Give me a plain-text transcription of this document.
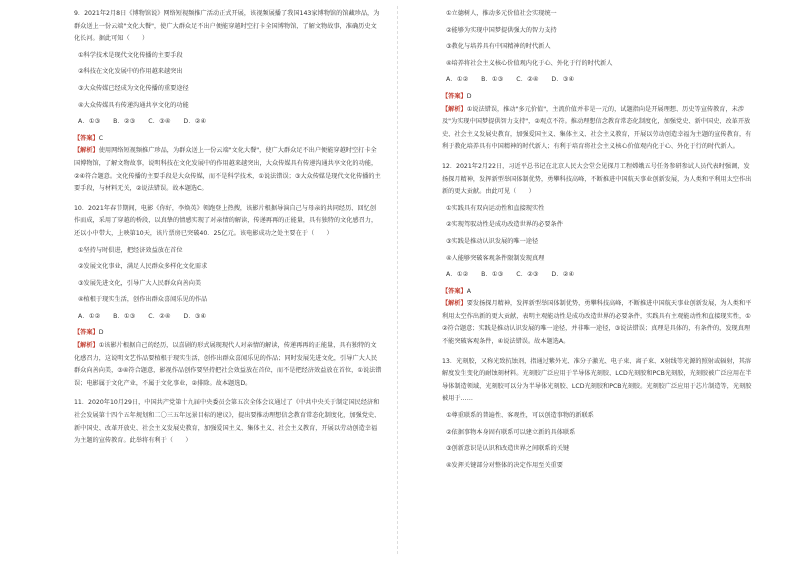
9．2021年2月8日《博物馆说》网络短视频推广活动正式开展，该视频展播了我国143家博物馆的馆藏珍品，为群众送上一份云端"文化大餐"，使广大群众足不出户便能穿越时空打卡全国博物馆，了解文物故事，准确历史文化长河。据此可知（　　）

①科学技术是现代文化传播的主要手段

②科技在文化发展中的作用越来越突出

③大众传媒已经成为文化传播的重要途径

④大众传媒具有传递沟通共享文化的功能

A．①③　　B．②③　　C．③④　　D．②④

【答案】C

【解析】使用网络短视频推广珍品，为群众送上一份云端"文化大餐"，使广大群众足不出户便能穿越时空打卡全国博物馆，了解文物故事，说明科技在文化发展中的作用越来越突出，大众传媒具有传递沟通共享文化的功能，②④符合题意。文化传播的主要手段是大众传媒，而不是科学技术，①说法错误；③大众传媒是现代文化传播的主要手段，与材料无关，②说法错误。故本题选C。

10．2021年春节期间，电影《你好，李焕英》领跑登上热搜，该影片根据导演自己与母亲的共同经历、回忆创作而成，采用了穿越的桥段，以真挚的情感实现了对亲情的解读，传递再再的正能量，具有独特的文化感召力，还以小中带大，上映第10天，该片票房已突破40．25亿元。该电影成功之处主要在于（　　）

①坚持与时俱进，把经济效益放在首位

②发展文化事业，满足人民群众多样化文化需求

③发展先进文化，引导广大人民群众向善向美

④植根于现实生活，创作出群众喜闻乐见的作品

A．①②　　B．①③　　C．②④　　D．③④

【答案】D

【解析】①该影片根据自己的经历，以喜剧的形式展现现代人对亲情的解读，传递再再的正能量，具有独特的文化感召力，这说明文艺作品要植根于现实生活，创作出群众喜闻乐见的作品；同时发展先进文化，引导广大人民群众向善向美，③④符合题意，影视作品创作要坚持把社会效益放在首位，而不是把经济效益放在首位，①说法错误；电影属于文化产业，不属于文化事业，②排除。故本题选D。

11．2020年10月29日，中国共产党第十九届中央委员会第五次全体会议通过了《中共中央关于制定国民经济和社会发展第十四个五年规划和二〇三五年远景目标的建议》，提出要推动理想信念教育常态化制度化，加强党史、新中国史、改革开放史、社会主义发展史教育，加强爱国主义、集体主义、社会主义教育，开展以劳动创造幸福为主题的宣传教育。此举将有利于（　　）

①立德树人，推动多元价值社会实现统一

②能够为实现中国梦提供强大的智力支持

③教化与培养具有中国精神的时代新人

④培养将社会主义核心价值观内化于心、外化于行的时代新人

A．①②　　B．①③　　C．②④　　D．③④

【答案】D

【解析】①说法错误，推动"多元价值"，主流价值并非是一元的，试题指向是开展理想、历史等宣传教育，未涉及"为实现中国梦提供智力支持"，②观点不符。推动理想信念教育常态化制度化，加强党史、新中国史、改革开放史、社会主义发展史教育，加强爱国主义、集体主义、社会主义教育，开展以劳动创造幸福为主题的宣传教育，有利于教化培养具有中国精神的时代新人；有利于培育将社会主义核心价值观内化于心、外化于行的时代新人。

12．2021年2月22日，习近平总书记在北京人民大会堂会见探月工程嫦娥五号任务参研参试人员代表时强调，发扬探月精神，发挥新型举国体制优势，勇攀科技高峰，不断推进中国航天事业创新发展，为人类和平利用太空作出新的更大贡献。由此可见（　　）

①实践具有双向运动性和直接现实性

②实现驾驭动性是成功改造世界的必要条件

③实践是推动认识发展的唯一途径

④人能够突破客观条件限制发现真理

A．①②　　B．①③　　C．②③　　D．②④

【答案】A

【解析】要发扬探月精神，发挥新型举国体制优势，勇攀科技高峰，不断推进中国航天事业创新发展，为人类和平利用太空作出新的更大贡献，表明主观能动性是成功改造世界的必要条件，实践具有主观能动性和直接现实性，①②符合题意；实践是推动认识发展的唯一途径，并非唯一途径，③说法错误；真理是具体的，有条件的，发现真理不能突破客观条件，④说法错误。故本题选A。

13．光刻胶，又称光致抗蚀剂，指通过紫外光、准分子激光、电子束、离子束、X射线等光源的照射或辐射，其溶解度发生变化的耐蚀刻材料。光刻胶广泛应用于半导体光刻胶、LCD光刻胶和PCB光刻胶，光刻胶被广泛应用在半导体制造领域，光刻胶可以分为半导体光刻胶、LCD光刻胶和PCB光刻胶。光刻胶广泛应用于芯片制造等，光刻胶被用于……

①尊重联系的普遍性、客观性，可以创造事物的新联系

②依据事物本身固有联系可以建立新的具体联系

③创新意识是认识和改造世界之间联系的关键

④发挥关键部分对整体的决定作用至关重要
